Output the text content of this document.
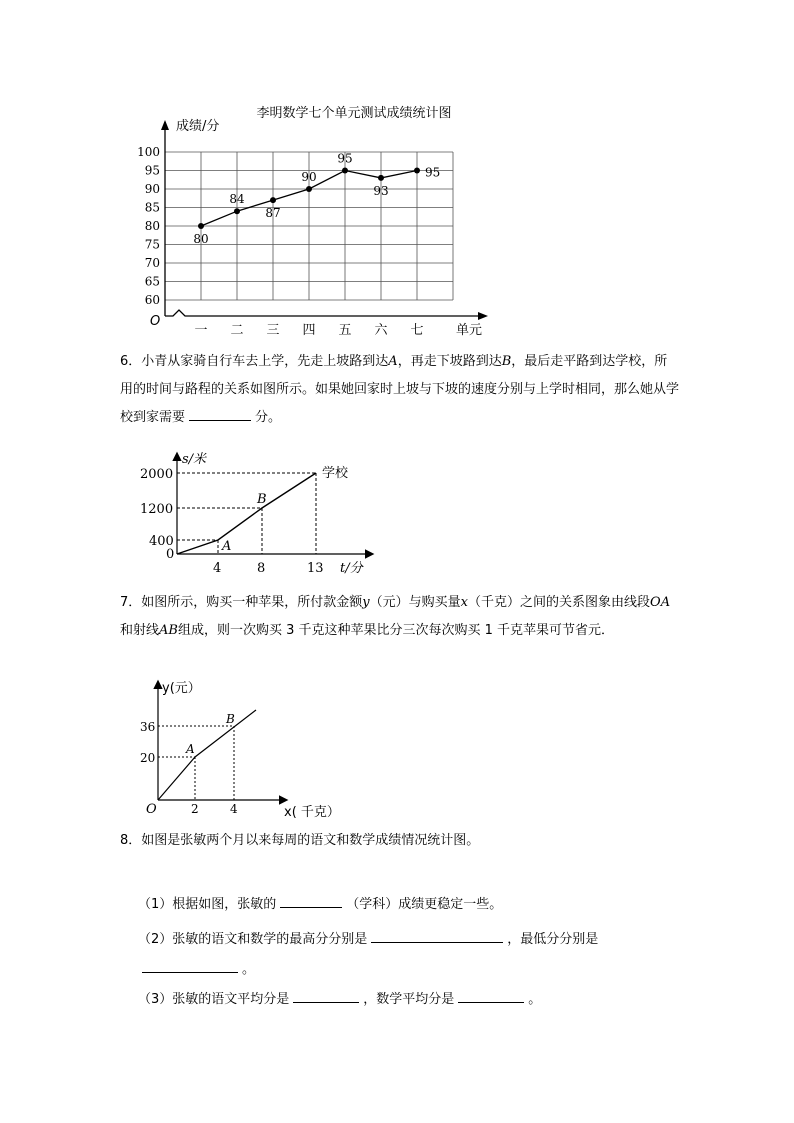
李明数学七个单元测试成绩统计图
成绩/分
100
95
90
85
80
75
70
65
60
一 二 三 四 五 六 七
80
84
87
90
95
93
95
O
单元
6．小青从家骑自行车去上学，先走上坡路到达A，再走下坡路到达B，最后走平路到达学校，所用的时间与路程的关系如图所示。如果她回家时上坡与下坡的速度分别与上学时相同，那么她从学校到家需要	分。
s/米
学校
B
A
2000
1200
400
0
4	8	13 t/分
7．如图所示，购买一种苹果，所付款金额y（元）与购买量x（千克）之间的关系图象由线段OA和射线AB组成，则一次购买 3 千克这种苹果比分三次每次购买 1 千克苹果可节省元．
y(元）
36
20
B
A
O	2	4	x( 千克）
8．如图是张敏两个月以来每周的语文和数学成绩情况统计图。
（1）根据如图，张敏的	（学科）成绩更稳定一些。
（2）张敏的语文和数学的最高分分别是	，最低分分别是。
（3）张敏的语文平均分是	，数学平均分是	。
